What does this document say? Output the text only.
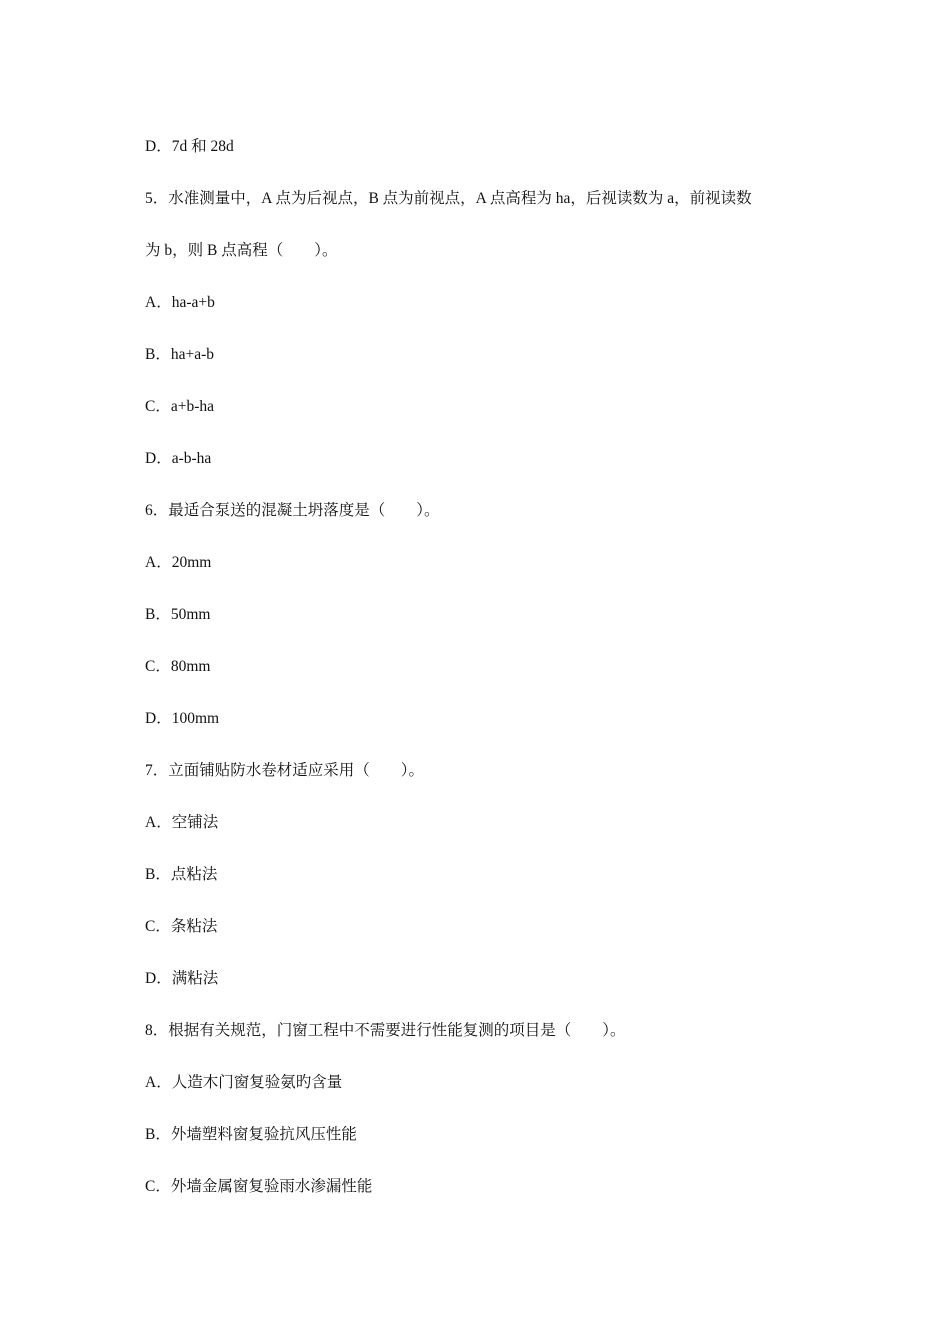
D．7d 和 28d

5．水准测量中，A 点为后视点，B 点为前视点，A 点高程为 ha，后视读数为 a，前视读数

为 b，则 B 点高程（　　）。

A．ha-a+b

B．ha+a-b

C．a+b-ha

D．a-b-ha

6．最适合泵送的混凝土坍落度是（　　）。

A．20mm

B．50mm

C．80mm

D．100mm

7．立面铺贴防水卷材适应采用（　　）。

A．空铺法

B．点粘法

C．条粘法

D．满粘法

8．根据有关规范，门窗工程中不需要进行性能复测的项目是（　　）。

A．人造木门窗复验氨旳含量

B．外墙塑料窗复验抗风压性能

C．外墙金属窗复验雨水渗漏性能
